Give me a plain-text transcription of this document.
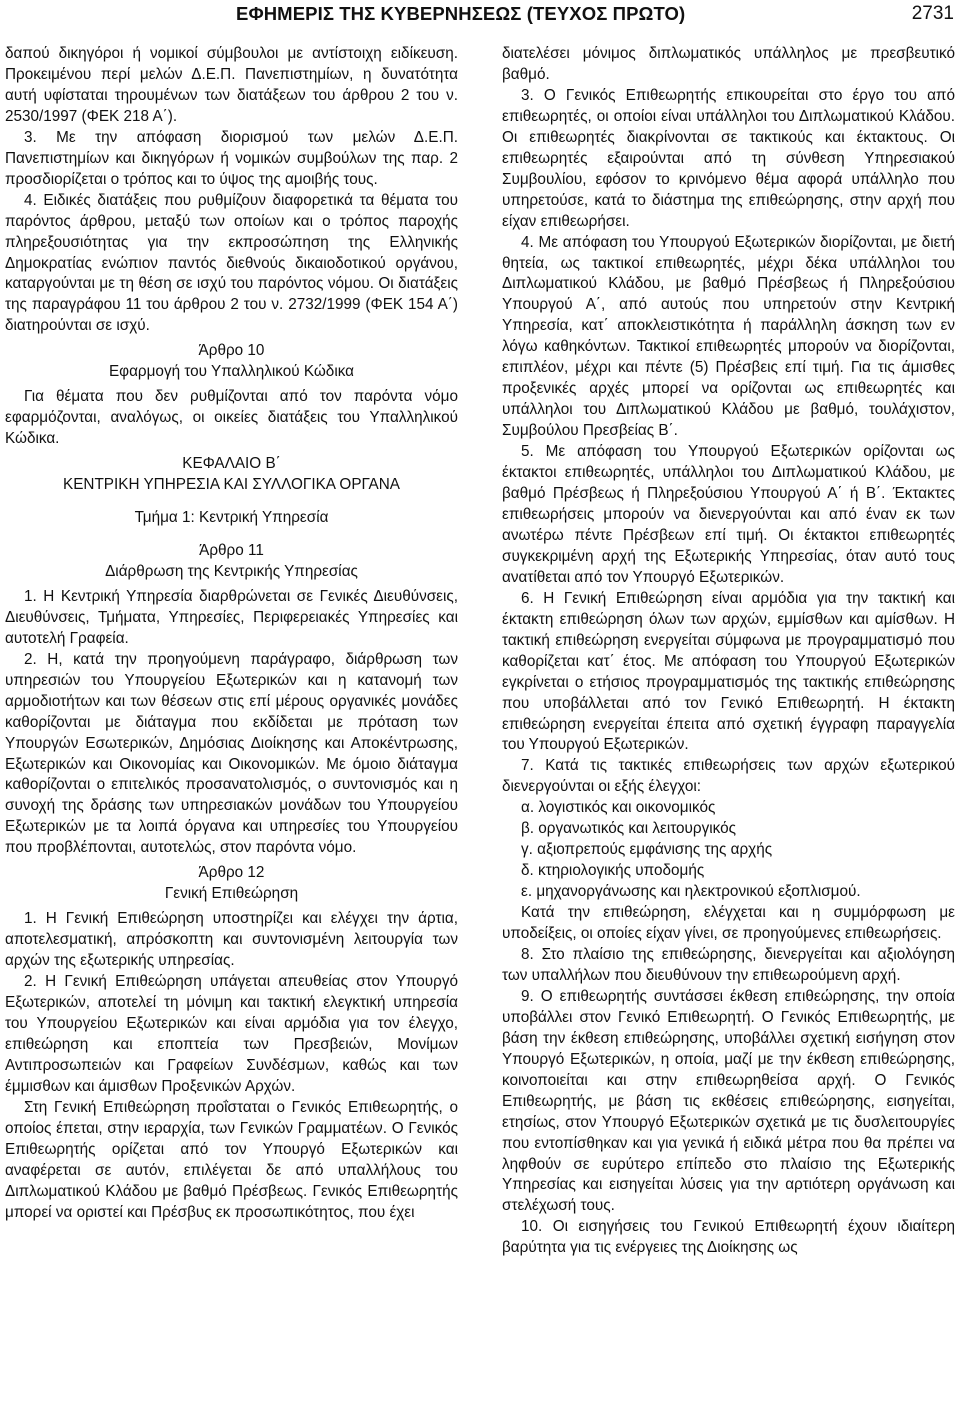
ΕΦΗΜΕΡΙΣ ΤΗΣ ΚΥΒΕΡΝΗΣΕΩΣ (ΤΕΥΧΟΣ ΠΡΩΤΟ)	2731

δαπού δικηγόροι ή νομικοί σύμβουλοι με αντίστοιχη ειδίκευση. Προκειμένου περί μελών Δ.Ε.Π. Πανεπιστημίων, η δυνατότητα αυτή υφίσταται τηρουμένων των διατάξεων του άρθρου 2 του ν. 2530/1997 (ΦΕΚ 218 Α΄).

3. Με την απόφαση διορισμού των μελών Δ.Ε.Π. Πανεπιστημίων και δικηγόρων ή νομικών συμβούλων της παρ. 2 προσδιορίζεται ο τρόπος και το ύψος της αμοιβής τους.

4. Ειδικές διατάξεις που ρυθμίζουν διαφορετικά τα θέματα του παρόντος άρθρου, μεταξύ των οποίων και ο τρόπος παροχής πληρεξουσιότητας για την εκπροσώπηση της Ελληνικής Δημοκρατίας ενώπιον παντός διεθνούς δικαιοδοτικού οργάνου, καταργούνται με τη θέση σε ισχύ του παρόντος νόμου. Οι διατάξεις της παραγράφου 11 του άρθρου 2 του ν. 2732/1999 (ΦΕΚ 154 Α΄) διατηρούνται σε ισχύ.

Άρθρο 10

Εφαρμογή του Υπαλληλικού Κώδικα

Για θέματα που δεν ρυθμίζονται από τον παρόντα νόμο εφαρμόζονται, αναλόγως, οι οικείες διατάξεις του Υπαλληλικού Κώδικα.

ΚΕΦΑΛΑΙΟ Β΄

ΚΕΝΤΡΙΚΗ ΥΠΗΡΕΣΙΑ ΚΑΙ ΣΥΛΛΟΓΙΚΑ ΟΡΓΑΝΑ

Τμήμα 1: Κεντρική Υπηρεσία

Άρθρο 11

Διάρθρωση της Κεντρικής Υπηρεσίας

1. Η Κεντρική Υπηρεσία διαρθρώνεται σε Γενικές Διευθύνσεις, Διευθύνσεις, Τμήματα, Υπηρεσίες, Περιφερειακές Υπηρεσίες και αυτοτελή Γραφεία.

2. Η, κατά την προηγούμενη παράγραφο, διάρθρωση των υπηρεσιών του Υπουργείου Εξωτερικών και η κατανομή των αρμοδιοτήτων και των θέσεων στις επί μέρους οργανικές μονάδες καθορίζονται με διάταγμα που εκδίδεται με πρόταση των Υπουργών Εσωτερικών, Δημόσιας Διοίκησης και Αποκέντρωσης, Εξωτερικών και Οικονομίας και Οικονομικών. Με όμοιο διάταγμα καθορίζονται ο επιτελικός προσανατολισμός, ο συντονισμός και η συνοχή της δράσης των υπηρεσιακών μονάδων του Υπουργείου Εξωτερικών με τα λοιπά όργανα και υπηρεσίες του Υπουργείου που προβλέπονται, αυτοτελώς, στον παρόντα νόμο.

Άρθρο 12

Γενική Επιθεώρηση

1. Η Γενική Επιθεώρηση υποστηρίζει και ελέγχει την άρτια, αποτελεσματική, απρόσκοπτη και συντονισμένη λειτουργία των αρχών της εξωτερικής υπηρεσίας.

2. Η Γενική Επιθεώρηση υπάγεται απευθείας στον Υπουργό Εξωτερικών, αποτελεί τη μόνιμη και τακτική ελεγκτική υπηρεσία του Υπουργείου Εξωτερικών και είναι αρμόδια για τον έλεγχο, επιθεώρηση και εποπτεία των Πρεσβειών, Μονίμων Αντιπροσωπειών και Γραφείων Συνδέσμων, καθώς και των έμμισθων και άμισθων Προξενικών Αρχών.

Στη Γενική Επιθεώρηση προΐσταται ο Γενικός Επιθεωρητής, ο οποίος έπεται, στην ιεραρχία, των Γενικών Γραμματέων. Ο Γενικός Επιθεωρητής ορίζεται από τον Υπουργό Εξωτερικών και αναφέρεται σε αυτόν, επιλέγεται δε από υπαλλήλους του Διπλωματικού Κλάδου με βαθμό Πρέσβεως. Γενικός Επιθεωρητής μπορεί να οριστεί και Πρέσβυς εκ προσωπικότητος, που έχει

διατελέσει μόνιμος διπλωματικός υπάλληλος με πρεσβευτικό βαθμό.

3. Ο Γενικός Επιθεωρητής επικουρείται στο έργο του από επιθεωρητές, οι οποίοι είναι υπάλληλοι του Διπλωματικού Κλάδου. Οι επιθεωρητές διακρίνονται σε τακτικούς και έκτακτους. Οι επιθεωρητές εξαιρούνται από τη σύνθεση Υπηρεσιακού Συμβουλίου, εφόσον το κρινόμενο θέμα αφορά υπάλληλο που υπηρετούσε, κατά το διάστημα της επιθεώρησης, στην αρχή που είχαν επιθεωρήσει.

4. Με απόφαση του Υπουργού Εξωτερικών διορίζονται, με διετή θητεία, ως τακτικοί επιθεωρητές, μέχρι δέκα υπάλληλοι του Διπλωματικού Κλάδου, με βαθμό Πρέσβεως ή Πληρεξούσιου Υπουργού Α΄, από αυτούς που υπηρετούν στην Κεντρική Υπηρεσία, κατ΄ αποκλειστικότητα ή παράλληλη άσκηση των εν λόγω καθηκόντων. Τακτικοί επιθεωρητές μπορούν να διορίζονται, επιπλέον, μέχρι και πέντε (5) Πρέσβεις επί τιμή. Για τις άμισθες προξενικές αρχές μπορεί να ορίζονται ως επιθεωρητές και υπάλληλοι του Διπλωματικού Κλάδου με βαθμό, τουλάχιστον, Συμβούλου Πρεσβείας Β΄.

5. Με απόφαση του Υπουργού Εξωτερικών ορίζονται ως έκτακτοι επιθεωρητές, υπάλληλοι του Διπλωματικού Κλάδου, με βαθμό Πρέσβεως ή Πληρεξούσιου Υπουργού Α΄ ή Β΄. Έκτακτες επιθεωρήσεις μπορούν να διενεργούνται και από έναν εκ των ανωτέρω πέντε Πρέσβεων επί τιμή. Οι έκτακτοι επιθεωρητές συγκεκριμένη αρχή της Εξωτερικής Υπηρεσίας, όταν αυτό τους ανατίθεται από τον Υπουργό Εξωτερικών.

6. Η Γενική Επιθεώρηση είναι αρμόδια για την τακτική και έκτακτη επιθεώρηση όλων των αρχών, εμμίσθων και αμίσθων. Η τακτική επιθεώρηση ενεργείται σύμφωνα με προγραμματισμό που καθορίζεται κατ΄ έτος. Με απόφαση του Υπουργού Εξωτερικών εγκρίνεται ο ετήσιος προγραμματισμός της τακτικής επιθεώρησης που υποβάλλεται από τον Γενικό Επιθεωρητή. Η έκτακτη επιθεώρηση ενεργείται έπειτα από σχετική έγγραφη παραγγελία του Υπουργού Εξωτερικών.

7. Κατά τις τακτικές επιθεωρήσεις των αρχών εξωτερικού διενεργούνται οι εξής έλεγχοι:

α. λογιστικός και οικονομικός

β. οργανωτικός και λειτουργικός

γ. αξιοπρεπούς εμφάνισης της αρχής

δ. κτηριολογικής υποδομής

ε. μηχανοργάνωσης και ηλεκτρονικού εξοπλισμού.

Κατά την επιθεώρηση, ελέγχεται και η συμμόρφωση με υποδείξεις, οι οποίες είχαν γίνει, σε προηγούμενες επιθεωρήσεις.

8. Στο πλαίσιο της επιθεώρησης, διενεργείται και αξιολόγηση των υπαλλήλων που διευθύνουν την επιθεωρούμενη αρχή.

9. Ο επιθεωρητής συντάσσει έκθεση επιθεώρησης, την οποία υποβάλλει στον Γενικό Επιθεωρητή. Ο Γενικός Επιθεωρητής, με βάση την έκθεση επιθεώρησης, υποβάλλει σχετική εισήγηση στον Υπουργό Εξωτερικών, η οποία, μαζί με την έκθεση επιθεώρησης, κοινοποιείται και στην επιθεωρηθείσα αρχή. Ο Γενικός Επιθεωρητής, με βάση τις εκθέσεις επιθεώρησης, εισηγείται, ετησίως, στον Υπουργό Εξωτερικών σχετικά με τις δυσλειτουργίες που εντοπίσθηκαν και για γενικά ή ειδικά μέτρα που θα πρέπει να ληφθούν σε ευρύτερο επίπεδο στο πλαίσιο της Εξωτερικής Υπηρεσίας και εισηγείται λύσεις για την αρτιότερη οργάνωση και στελέχωσή τους.

10. Οι εισηγήσεις του Γενικού Επιθεωρητή έχουν ιδιαίτερη βαρύτητα για τις ενέργειες της Διοίκησης ως
